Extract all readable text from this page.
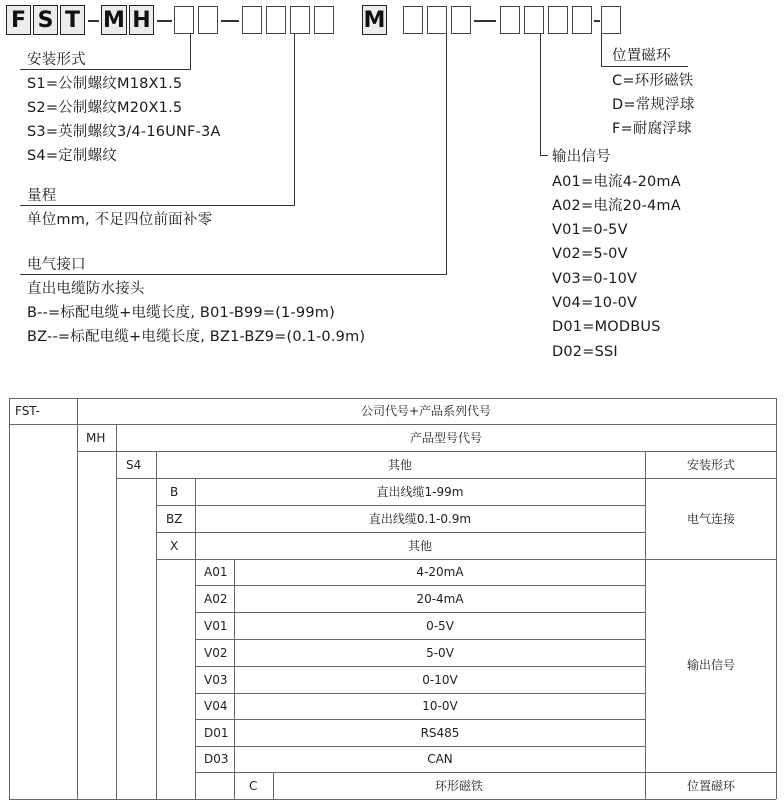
F S T M H	M
安装形式
S1=公制螺纹M18X1.5
S2=公制螺纹M20X1.5
S3=英制螺纹3/4-16UNF-3A
S4=定制螺纹
量程
单位mm, 不足四位前面补零
电气接口
直出电缆防水接头
B--=标配电缆+电缆长度, B01-B99=(1-99m)
BZ--=标配电缆+电缆长度, BZ1-BZ9=(0.1-0.9m)
位置磁环
C=环形磁铁
D=常规浮球
F=耐腐浮球
输出信号
A01=电流4-20mA
A02=电流20-4mA
V01=0-5V
V02=5-0V
V03=0-10V
V04=10-0V
D01=MODBUS
D02=SSI
FST-	公司代号+产品系列代号
MH	产品型号代号
S4	其他	安装形式
B	直出线缆1-99m
BZ	直出线缆0.1-0.9m
X	其他
电气连接
A01	4-20mA
A02	20-4mA
V01	0-5V
V02	5-0V
V03	0-10V
V04	10-0V
D01	RS485
D03	CAN
输出信号
C	环形磁铁	位置磁环
